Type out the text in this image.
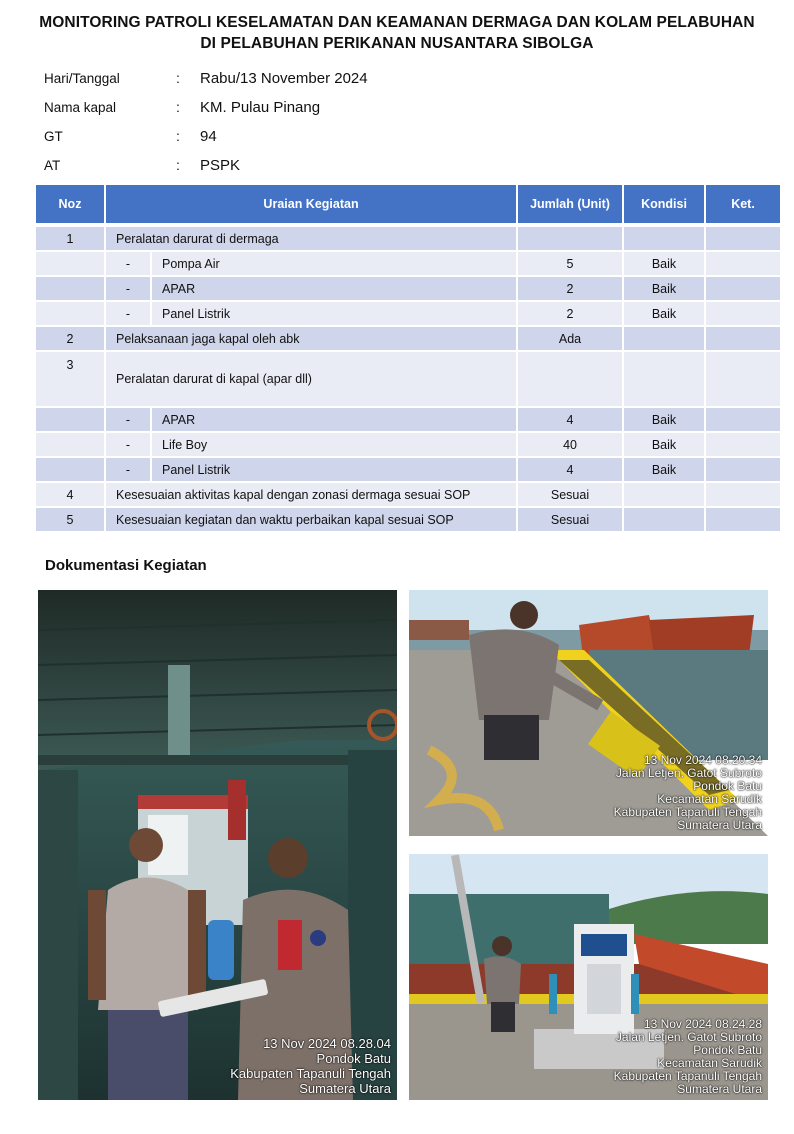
MONITORING PATROLI KESELAMATAN DAN KEAMANAN DERMAGA DAN KOLAM PELABUHAN
DI PELABUHAN PERIKANAN NUSANTARA SIBOLGA
Hari/Tanggal	: Rabu/13 November 2024
Nama kapal	: KM. Pulau Pinang
GT	: 94
AT	: PSPK
Noz	Uraian Kegiatan		Jumlah (Unit)	Kondisi	Ket.

1	Peralatan darurat di dermaga				
	-	Pompa Air	5	Baik	
	-	APAR	2	Baik	
	-	Panel Listrik	2	Baik	
2	Pelaksanaan jaga kapal oleh abk		Ada		
3	Peralatan darurat di kapal (apar dll)				
	-	APAR	4	Baik	
	-	Life Boy	40	Baik	
	-	Panel Listrik	4	Baik	
4	Kesesuaian aktivitas kapal dengan zonasi dermaga sesuai SOP		Sesuai		
5	Kesesuaian kegiatan dan waktu perbaikan kapal sesuai SOP		Sesuai		
Dokumentasi Kegiatan
13 Nov 2024 08.28.04
Pondok Batu
Kabupaten Tapanuli Tengah
Sumatera Utara
13 Nov 2024 08.20.34
Jalan Letjen. Gatot Subroto
Pondok Batu
Kecamatan Sarudik
Kabupaten Tapanuli Tengah
Sumatera Utara
13 Nov 2024 08.24.28
Jalan Letjen. Gatot Subroto
Pondok Batu
Kecamatan Sarudik
Kabupaten Tapanuli Tengah
Sumatera Utara
